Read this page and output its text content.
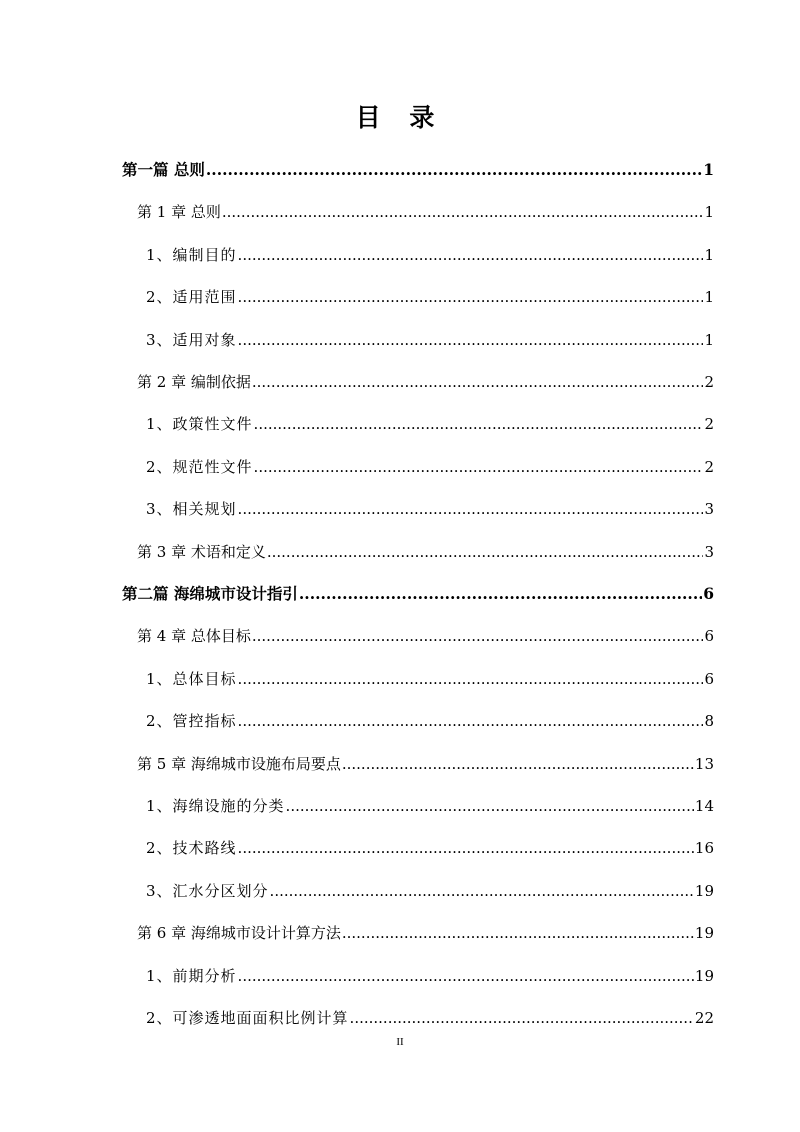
目 录
第一篇 总则 .....	1
第 1 章 总则 .....	1
1、编制目的 .....	1
2、适用范围 .....	1
3、适用对象 .....	1
第 2 章 编制依据 .....	2
1、政策性文件 .....	2
2、规范性文件 .....	2
3、相关规划 .....	3
第 3 章 术语和定义 .....	3
第二篇 海绵城市设计指引 .....	6
第 4 章 总体目标 .....	6
1、总体目标 .....	6
2、管控指标 .....	8
第 5 章 海绵城市设施布局要点 .....	13
1、海绵设施的分类 .....	14
2、技术路线 .....	16
3、汇水分区划分 .....	19
第 6 章 海绵城市设计计算方法 .....	19
1、前期分析 .....	19
2、可渗透地面面积比例计算 .....	22
II
